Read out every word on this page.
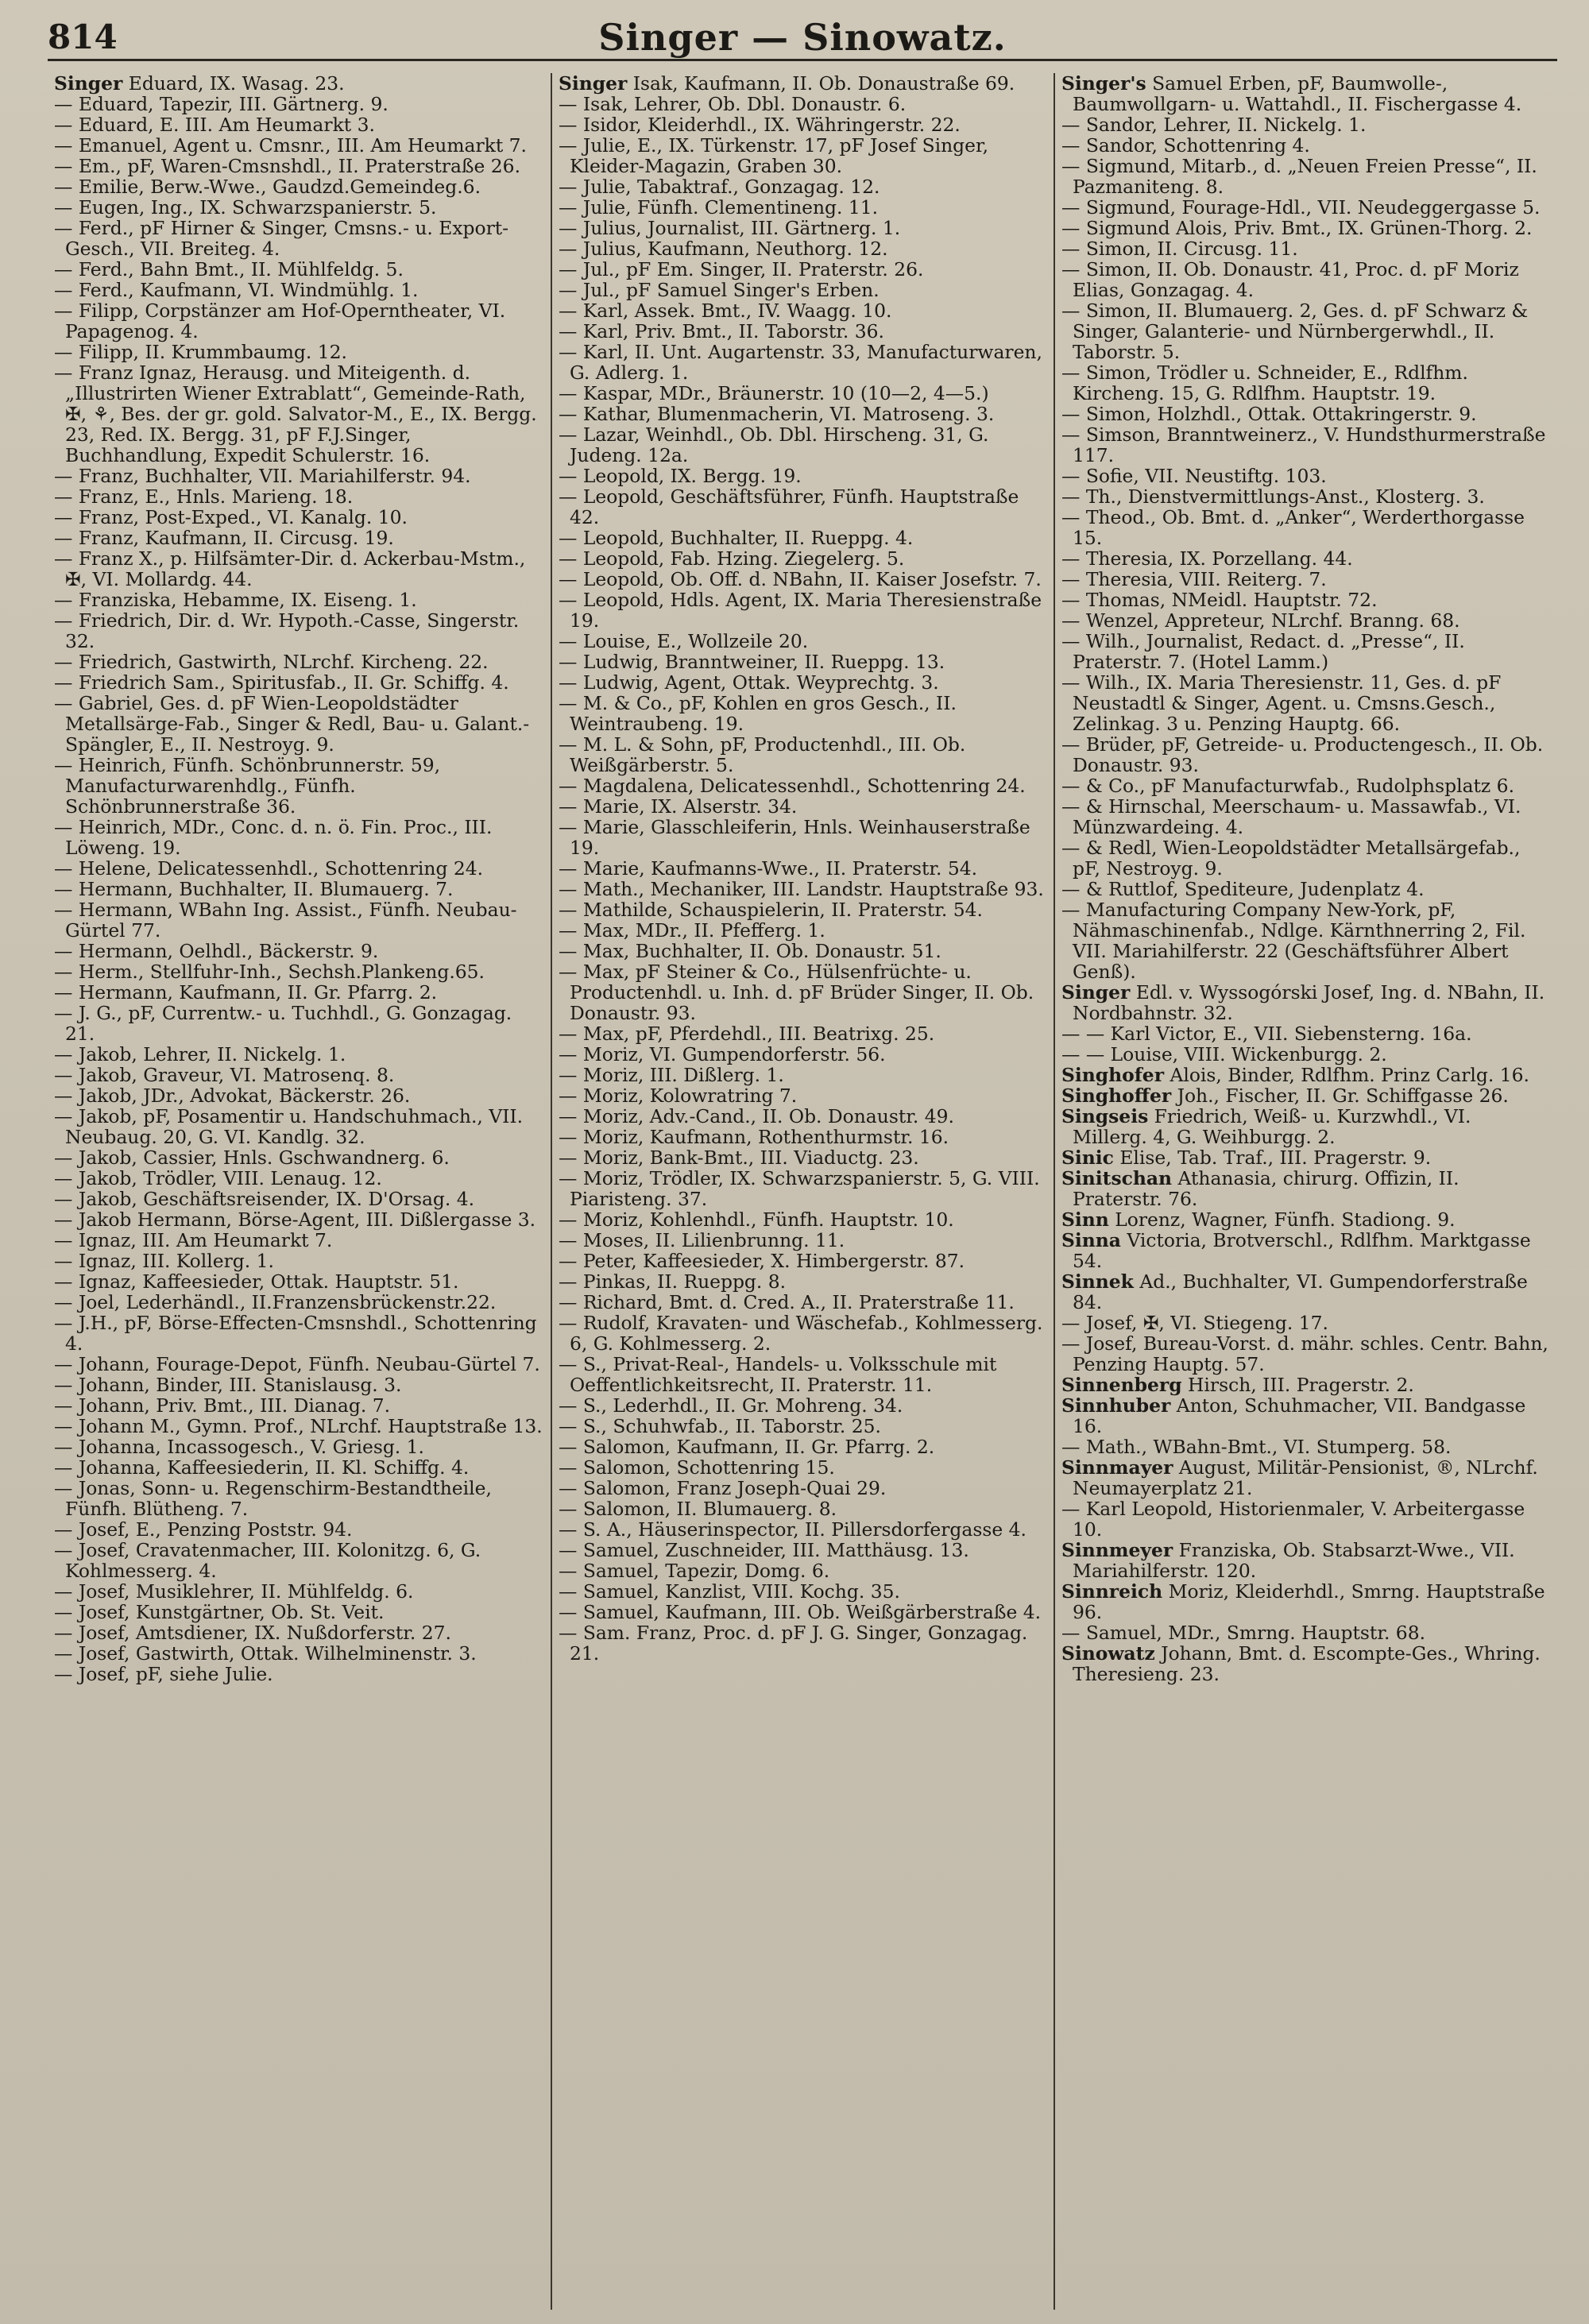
814	Singer — Sinowatz.
Singer Eduard, IX. Wasag. 23.
— Eduard, Tapezir, III. Gärtnerg. 9.
— Eduard, E. III. Am Heumarkt 3.
— Emanuel, Agent u. Cmsnr., III. Am Heumarkt 7.
— Em., pF, Waren-Cmsnshdl., II. Praterstraße 26.
— Emilie, Berw.-Wwe., Gaudzd.Gemeindeg.6.
— Eugen, Ing., IX. Schwarzspanierstr. 5.
— Ferd., pF Hirner & Singer, Cmsns.- u. Export-Gesch., VII. Breiteg. 4.
— Ferd., Bahn Bmt., II. Mühlfeldg. 5.
— Ferd., Kaufmann, VI. Windmühlg. 1.
— Filipp, Corpstänzer am Hof-Operntheater, VI. Papagenog. 4.
— Filipp, II. Krummbaumg. 12.
— Franz Ignaz, Herausg. und Miteigenth. d. „Illustrirten Wiener Extrablatt“, Gemeinde-Rath, ✠, ⚘, Bes. der gr. gold. Salvator-M., E., IX. Bergg. 23, Red. IX. Bergg. 31, pF F.J.Singer, Buchhandlung, Expedit Schulerstr. 16.
— Franz, Buchhalter, VII. Mariahilferstr. 94.
— Franz, E., Hnls. Marieng. 18.
— Franz, Post-Exped., VI. Kanalg. 10.
— Franz, Kaufmann, II. Circusg. 19.
— Franz X., p. Hilfsämter-Dir. d. Ackerbau-Mstm., ✠, VI. Mollardg. 44.
— Franziska, Hebamme, IX. Eiseng. 1.
— Friedrich, Dir. d. Wr. Hypoth.-Casse, Singerstr. 32.
— Friedrich, Gastwirth, NLrchf. Kircheng. 22.
— Friedrich Sam., Spiritusfab., II. Gr. Schiffg. 4.
— Gabriel, Ges. d. pF Wien-Leopoldstädter Metallsärge-Fab., Singer & Redl, Bau- u. Galant.-Spängler, E., II. Nestroyg. 9.
— Heinrich, Fünfh. Schönbrunnerstr. 59, Manufacturwarenhdlg., Fünfh. Schönbrunnerstraße 36.
— Heinrich, MDr., Conc. d. n. ö. Fin. Proc., III. Löweng. 19.
— Helene, Delicatessenhdl., Schottenring 24.
— Hermann, Buchhalter, II. Blumauerg. 7.
— Hermann, WBahn Ing. Assist., Fünfh. Neubau-Gürtel 77.
— Hermann, Oelhdl., Bäckerstr. 9.
— Herm., Stellfuhr-Inh., Sechsh.Plankeng.65.
— Hermann, Kaufmann, II. Gr. Pfarrg. 2.
— J. G., pF, Currentw.- u. Tuchhdl., G. Gonzagag. 21.
— Jakob, Lehrer, II. Nickelg. 1.
— Jakob, Graveur, VI. Matrosenq. 8.
— Jakob, JDr., Advokat, Bäckerstr. 26.
— Jakob, pF, Posamentir u. Handschuhmach., VII. Neubaug. 20, G. VI. Kandlg. 32.
— Jakob, Cassier, Hnls. Gschwandnerg. 6.
— Jakob, Trödler, VIII. Lenaug. 12.
— Jakob, Geschäftsreisender, IX. D'Orsag. 4.
— Jakob Hermann, Börse-Agent, III. Dißlergasse 3.
— Ignaz, III. Am Heumarkt 7.
— Ignaz, III. Kollerg. 1.
— Ignaz, Kaffeesieder, Ottak. Hauptstr. 51.
— Joel, Lederhändl., II.Franzensbrückenstr.22.
— J.H., pF, Börse-Effecten-Cmsnshdl., Schottenring 4.
— Johann, Fourage-Depot, Fünfh. Neubau-Gürtel 7.
— Johann, Binder, III. Stanislausg. 3.
— Johann, Priv. Bmt., III. Dianag. 7.
— Johann M., Gymn. Prof., NLrchf. Hauptstraße 13.
— Johanna, Incassogesch., V. Griesg. 1.
— Johanna, Kaffeesiederin, II. Kl. Schiffg. 4.
— Jonas, Sonn- u. Regenschirm-Bestandtheile, Fünfh. Blütheng. 7.
— Josef, E., Penzing Poststr. 94.
— Josef, Cravatenmacher, III. Kolonitzg. 6, G. Kohlmesserg. 4.
— Josef, Musiklehrer, II. Mühlfeldg. 6.
— Josef, Kunstgärtner, Ob. St. Veit.
— Josef, Amtsdiener, IX. Nußdorferstr. 27.
— Josef, Gastwirth, Ottak. Wilhelminenstr. 3.
— Josef, pF, siehe Julie.
Singer Isak, Kaufmann, II. Ob. Donaustraße 69.
— Isak, Lehrer, Ob. Dbl. Donaustr. 6.
— Isidor, Kleiderhdl., IX. Währingerstr. 22.
— Julie, E., IX. Türkenstr. 17, pF Josef Singer, Kleider-Magazin, Graben 30.
— Julie, Tabaktraf., Gonzagag. 12.
— Julie, Fünfh. Clementineng. 11.
— Julius, Journalist, III. Gärtnerg. 1.
— Julius, Kaufmann, Neuthorg. 12.
— Jul., pF Em. Singer, II. Praterstr. 26.
— Jul., pF Samuel Singer's Erben.
— Karl, Assek. Bmt., IV. Waagg. 10.
— Karl, Priv. Bmt., II. Taborstr. 36.
— Karl, II. Unt. Augartenstr. 33, Manufacturwaren, G. Adlerg. 1.
— Kaspar, MDr., Bräunerstr. 10 (10—2, 4—5.)
— Kathar, Blumenmacherin, VI. Matroseng. 3.
— Lazar, Weinhdl., Ob. Dbl. Hirscheng. 31, G. Judeng. 12a.
— Leopold, IX. Bergg. 19.
— Leopold, Geschäftsführer, Fünfh. Hauptstraße 42.
— Leopold, Buchhalter, II. Rueppg. 4.
— Leopold, Fab. Hzing. Ziegelerg. 5.
— Leopold, Ob. Off. d. NBahn, II. Kaiser Josefstr. 7.
— Leopold, Hdls. Agent, IX. Maria Theresienstraße 19.
— Louise, E., Wollzeile 20.
— Ludwig, Branntweiner, II. Rueppg. 13.
— Ludwig, Agent, Ottak. Weyprechtg. 3.
— M. & Co., pF, Kohlen en gros Gesch., II. Weintraubeng. 19.
— M. L. & Sohn, pF, Productenhdl., III. Ob. Weißgärberstr. 5.
— Magdalena, Delicatessenhdl., Schottenring 24.
— Marie, IX. Alserstr. 34.
— Marie, Glasschleiferin, Hnls. Weinhauserstraße 19.
— Marie, Kaufmanns-Wwe., II. Praterstr. 54.
— Math., Mechaniker, III. Landstr. Hauptstraße 93.
— Mathilde, Schauspielerin, II. Praterstr. 54.
— Max, MDr., II. Pfefferg. 1.
— Max, Buchhalter, II. Ob. Donaustr. 51.
— Max, pF Steiner & Co., Hülsenfrüchte- u. Productenhdl. u. Inh. d. pF Brüder Singer, II. Ob. Donaustr. 93.
— Max, pF, Pferdehdl., III. Beatrixg. 25.
— Moriz, VI. Gumpendorferstr. 56.
— Moriz, III. Dißlerg. 1.
— Moriz, Kolowratring 7.
— Moriz, Adv.-Cand., II. Ob. Donaustr. 49.
— Moriz, Kaufmann, Rothenthurmstr. 16.
— Moriz, Bank-Bmt., III. Viaductg. 23.
— Moriz, Trödler, IX. Schwarzspanierstr. 5, G. VIII. Piaristeng. 37.
— Moriz, Kohlenhdl., Fünfh. Hauptstr. 10.
— Moses, II. Lilienbrunng. 11.
— Peter, Kaffeesieder, X. Himbergerstr. 87.
— Pinkas, II. Rueppg. 8.
— Richard, Bmt. d. Cred. A., II. Praterstraße 11.
— Rudolf, Kravaten- und Wäschefab., Kohlmesserg. 6, G. Kohlmesserg. 2.
— S., Privat-Real-, Handels- u. Volksschule mit Oeffentlichkeitsrecht, II. Praterstr. 11.
— S., Lederhdl., II. Gr. Mohreng. 34.
— S., Schuhwfab., II. Taborstr. 25.
— Salomon, Kaufmann, II. Gr. Pfarrg. 2.
— Salomon, Schottenring 15.
— Salomon, Franz Joseph-Quai 29.
— Salomon, II. Blumauerg. 8.
— S. A., Häuserinspector, II. Pillersdorfergasse 4.
— Samuel, Zuschneider, III. Matthäusg. 13.
— Samuel, Tapezir, Domg. 6.
— Samuel, Kanzlist, VIII. Kochg. 35.
— Samuel, Kaufmann, III. Ob. Weißgärberstraße 4.
— Sam. Franz, Proc. d. pF J. G. Singer, Gonzagag. 21.
Singer's Samuel Erben, pF, Baumwolle-, Baumwollgarn- u. Wattahdl., II. Fischergasse 4.
— Sandor, Lehrer, II. Nickelg. 1.
— Sandor, Schottenring 4.
— Sigmund, Mitarb., d. „Neuen Freien Presse“, II. Pazmaniteng. 8.
— Sigmund, Fourage-Hdl., VII. Neudeggergasse 5.
— Sigmund Alois, Priv. Bmt., IX. Grünen-Thorg. 2.
— Simon, II. Circusg. 11.
— Simon, II. Ob. Donaustr. 41, Proc. d. pF Moriz Elias, Gonzagag. 4.
— Simon, II. Blumauerg. 2, Ges. d. pF Schwarz & Singer, Galanterie- und Nürnbergerwhdl., II. Taborstr. 5.
— Simon, Trödler u. Schneider, E., Rdlfhm. Kircheng. 15, G. Rdlfhm. Hauptstr. 19.
— Simon, Holzhdl., Ottak. Ottakringerstr. 9.
— Simson, Branntweinerz., V. Hundsthurmerstraße 117.
— Sofie, VII. Neustiftg. 103.
— Th., Dienstvermittlungs-Anst., Klosterg. 3.
— Theod., Ob. Bmt. d. „Anker“, Werderthorgasse 15.
— Theresia, IX. Porzellang. 44.
— Theresia, VIII. Reiterg. 7.
— Thomas, NMeidl. Hauptstr. 72.
— Wenzel, Appreteur, NLrchf. Branng. 68.
— Wilh., Journalist, Redact. d. „Presse“, II. Praterstr. 7. (Hotel Lamm.)
— Wilh., IX. Maria Theresienstr. 11, Ges. d. pF Neustadtl & Singer, Agent. u. Cmsns.Gesch., Zelinkag. 3 u. Penzing Hauptg. 66.
— Brüder, pF, Getreide- u. Productengesch., II. Ob. Donaustr. 93.
— & Co., pF Manufacturwfab., Rudolphsplatz 6.
— & Hirnschal, Meerschaum- u. Massawfab., VI. Münzwardeing. 4.
— & Redl, Wien-Leopoldstädter Metallsärgefab., pF, Nestroyg. 9.
— & Ruttlof, Spediteure, Judenplatz 4.
— Manufacturing Company New-York, pF, Nähmaschinenfab., Ndlge. Kärnthnerring 2, Fil. VII. Mariahilferstr. 22 (Geschäftsführer Albert Genß).
Singer Edl. v. Wyssogórski Josef, Ing. d. NBahn, II. Nordbahnstr. 32.
— — Karl Victor, E., VII. Siebensterng. 16a.
— — Louise, VIII. Wickenburgg. 2.
Singhofer Alois, Binder, Rdlfhm. Prinz Carlg. 16.
Singhoffer Joh., Fischer, II. Gr. Schiffgasse 26.
Singseis Friedrich, Weiß- u. Kurzwhdl., VI. Millerg. 4, G. Weihburgg. 2.
Sinic Elise, Tab. Traf., III. Pragerstr. 9.
Sinitschan Athanasia, chirurg. Offizin, II. Praterstr. 76.
Sinn Lorenz, Wagner, Fünfh. Stadiong. 9.
Sinna Victoria, Brotverschl., Rdlfhm. Marktgasse 54.
Sinnek Ad., Buchhalter, VI. Gumpendorferstraße 84.
— Josef, ✠, VI. Stiegeng. 17.
— Josef, Bureau-Vorst. d. mähr. schles. Centr. Bahn, Penzing Hauptg. 57.
Sinnenberg Hirsch, III. Pragerstr. 2.
Sinnhuber Anton, Schuhmacher, VII. Bandgasse 16.
— Math., WBahn-Bmt., VI. Stumperg. 58.
Sinnmayer August, Militär-Pensionist, ®, NLrchf. Neumayerplatz 21.
— Karl Leopold, Historienmaler, V. Arbeitergasse 10.
Sinnmeyer Franziska, Ob. Stabsarzt-Wwe., VII. Mariahilferstr. 120.
Sinnreich Moriz, Kleiderhdl., Smrng. Hauptstraße 96.
— Samuel, MDr., Smrng. Hauptstr. 68.
Sinowatz Johann, Bmt. d. Escompte-Ges., Whring. Theresieng. 23.
